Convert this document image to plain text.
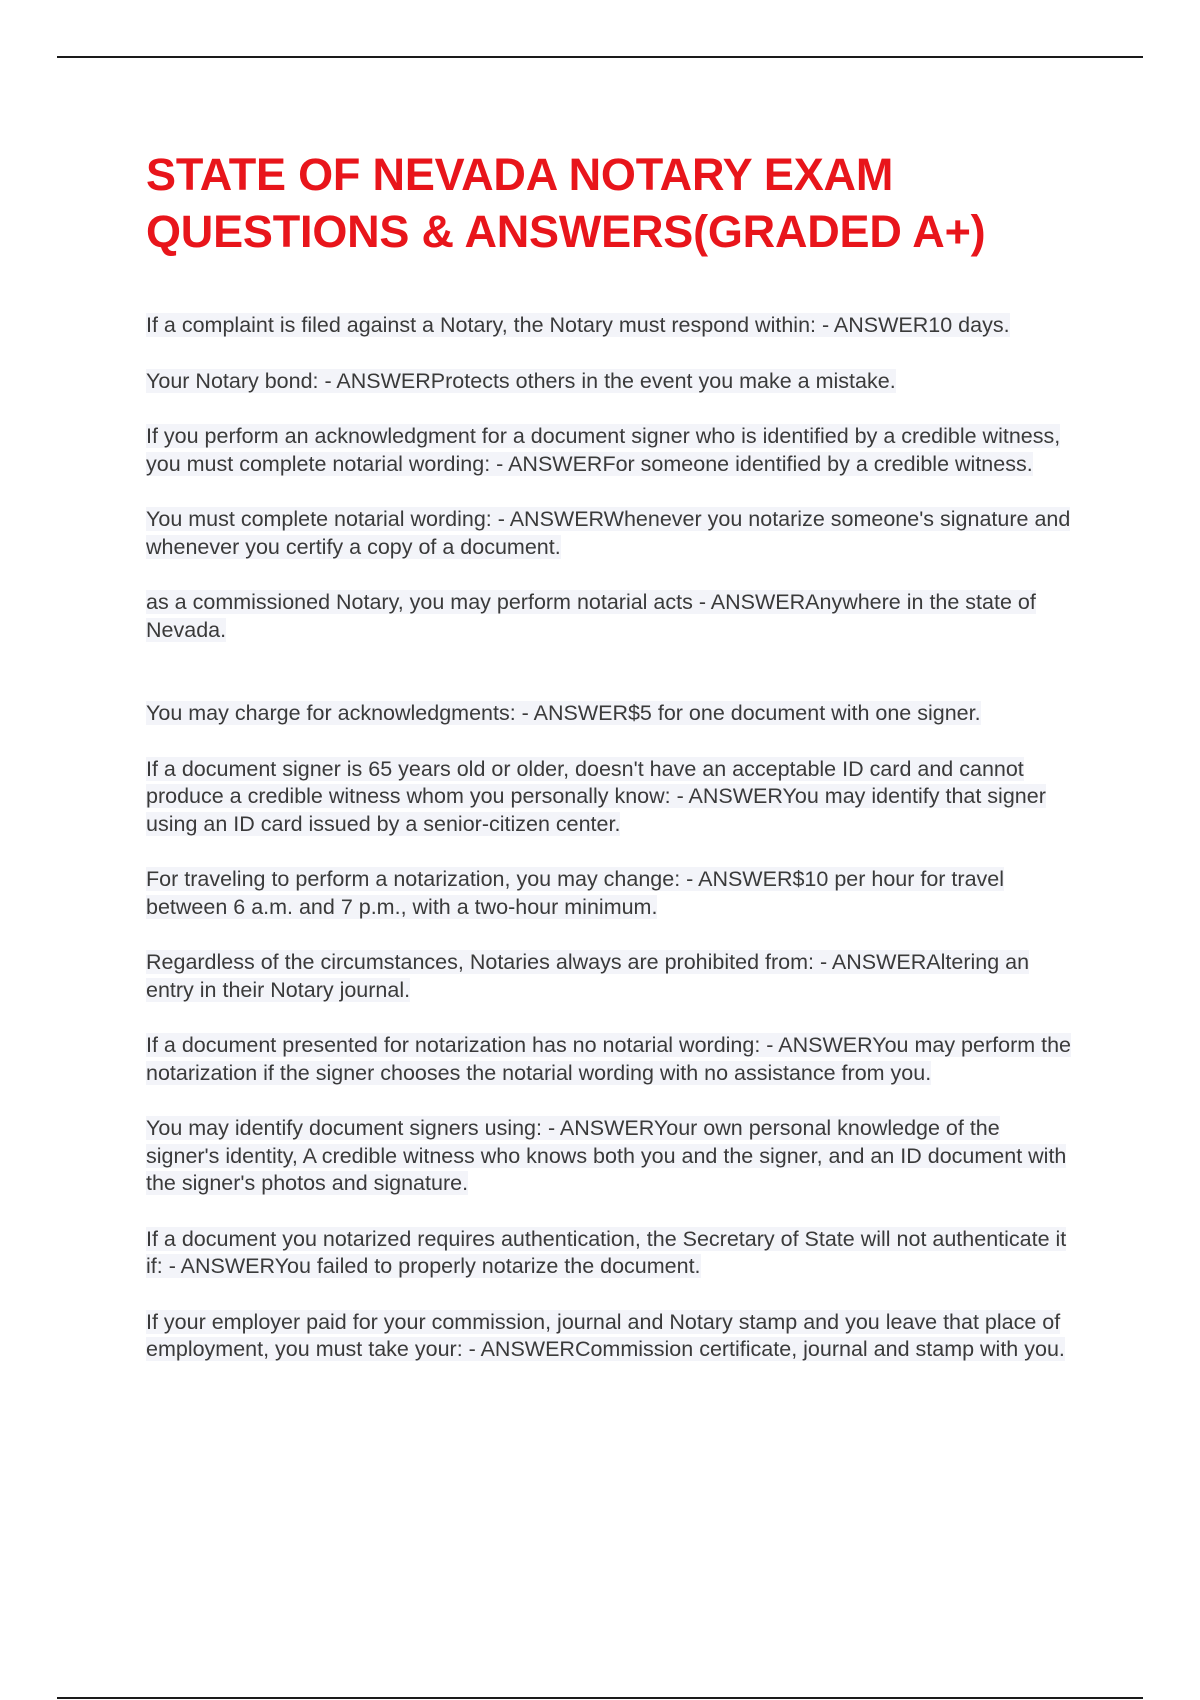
STATE OF NEVADA NOTARY EXAM
QUESTIONS & ANSWERS(GRADED A+)
If a complaint is filed against a Notary, the Notary must respond within: - ANSWER10 days.
Your Notary bond: - ANSWERProtects others in the event you make a mistake.
If you perform an acknowledgment for a document signer who is identified by a credible witness, you must complete notarial wording: - ANSWERFor someone identified by a credible witness.
You must complete notarial wording: - ANSWERWhenever you notarize someone's signature and whenever you certify a copy of a document.
as a commissioned Notary, you may perform notarial acts - ANSWERAnywhere in the state of Nevada.
You may charge for acknowledgments: - ANSWER$5 for one document with one signer.
If a document signer is 65 years old or older, doesn't have an acceptable ID card and cannot produce a credible witness whom you personally know: - ANSWERYou may identify that signer using an ID card issued by a senior-citizen center.
For traveling to perform a notarization, you may change: - ANSWER$10 per hour for travel between 6 a.m. and 7 p.m., with a two-hour minimum.
Regardless of the circumstances, Notaries always are prohibited from: - ANSWERAltering an entry in their Notary journal.
If a document presented for notarization has no notarial wording: - ANSWERYou may perform the notarization if the signer chooses the notarial wording with no assistance from you.
You may identify document signers using: - ANSWERYour own personal knowledge of the signer's identity, A credible witness who knows both you and the signer, and an ID document with the signer's photos and signature.
If a document you notarized requires authentication, the Secretary of State will not authenticate it if: - ANSWERYou failed to properly notarize the document.
If your employer paid for your commission, journal and Notary stamp and you leave that place of employment, you must take your: - ANSWERCommission certificate, journal and stamp with you.
